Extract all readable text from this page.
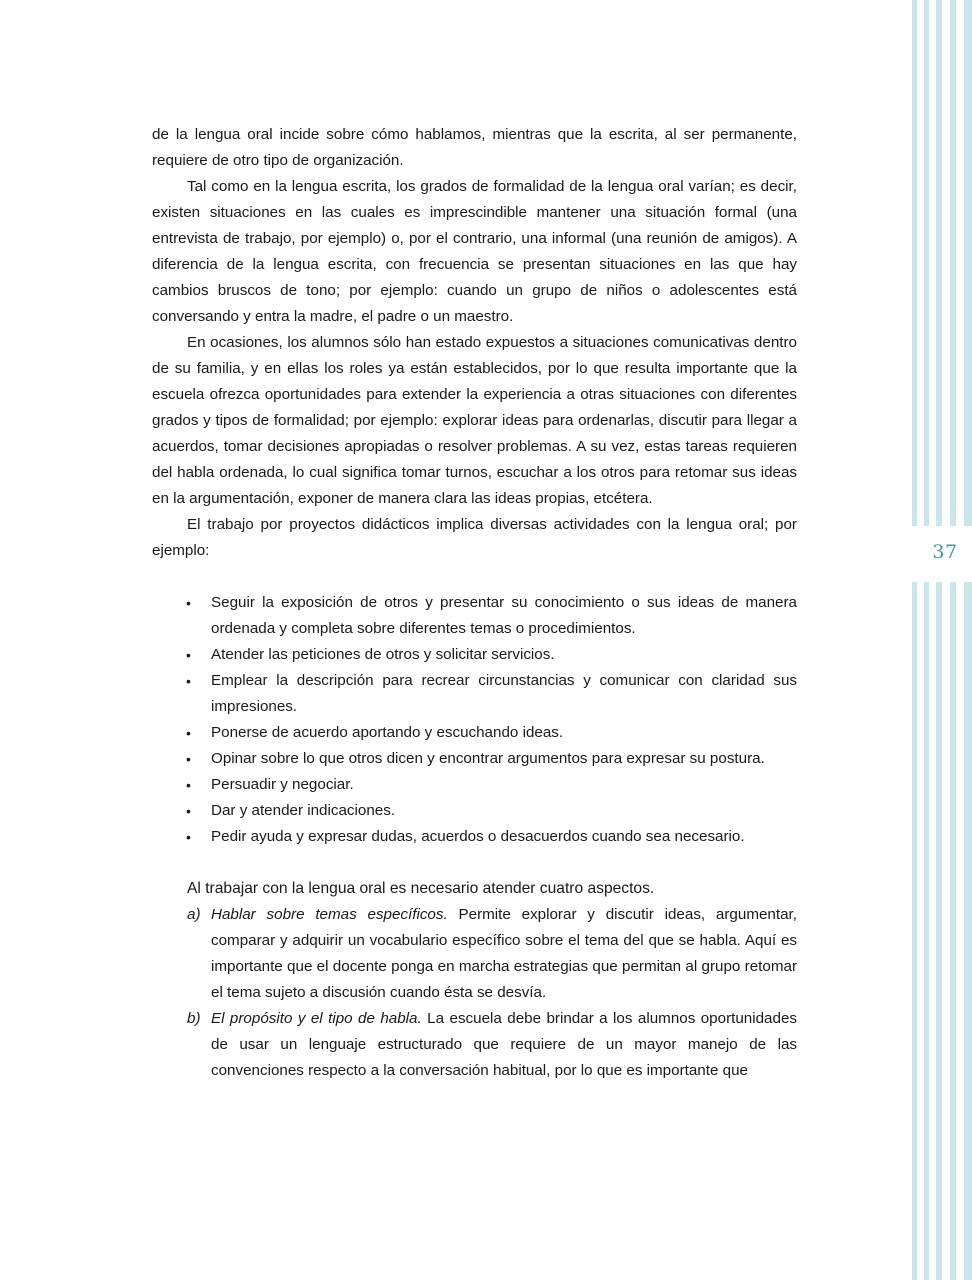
37

de la lengua oral incide sobre cómo hablamos, mientras que la escrita, al ser permanente, requiere de otro tipo de organización.

Tal como en la lengua escrita, los grados de formalidad de la lengua oral varían; es decir, existen situaciones en las cuales es imprescindible mantener una situación formal (una entrevista de trabajo, por ejemplo) o, por el contrario, una informal (una reunión de amigos). A diferencia de la lengua escrita, con frecuencia se presentan situaciones en las que hay cambios bruscos de tono; por ejemplo: cuando un grupo de niños o adolescentes está conversando y entra la madre, el padre o un maestro.

En ocasiones, los alumnos sólo han estado expuestos a situaciones comunicativas dentro de su familia, y en ellas los roles ya están establecidos, por lo que resulta importante que la escuela ofrezca oportunidades para extender la experiencia a otras situaciones con diferentes grados y tipos de formalidad; por ejemplo: explorar ideas para ordenarlas, discutir para llegar a acuerdos, tomar decisiones apropiadas o resolver problemas. A su vez, estas tareas requieren del habla ordenada, lo cual significa tomar turnos, escuchar a los otros para retomar sus ideas en la argumentación, exponer de manera clara las ideas propias, etcétera.

El trabajo por proyectos didácticos implica diversas actividades con la lengua oral; por ejemplo:

• Seguir la exposición de otros y presentar su conocimiento o sus ideas de manera ordenada y completa sobre diferentes temas o procedimientos.
• Atender las peticiones de otros y solicitar servicios.
• Emplear la descripción para recrear circunstancias y comunicar con claridad sus impresiones.
• Ponerse de acuerdo aportando y escuchando ideas.
• Opinar sobre lo que otros dicen y encontrar argumentos para expresar su postura.
• Persuadir y negociar.
• Dar y atender indicaciones.
• Pedir ayuda y expresar dudas, acuerdos o desacuerdos cuando sea necesario.

Al trabajar con la lengua oral es necesario atender cuatro aspectos.

a) Hablar sobre temas específicos. Permite explorar y discutir ideas, argumentar, comparar y adquirir un vocabulario específico sobre el tema del que se habla. Aquí es importante que el docente ponga en marcha estrategias que permitan al grupo retomar el tema sujeto a discusión cuando ésta se desvía.
b) El propósito y el tipo de habla. La escuela debe brindar a los alumnos oportunidades de usar un lenguaje estructurado que requiere de un mayor manejo de las convenciones respecto a la conversación habitual, por lo que es importante que
